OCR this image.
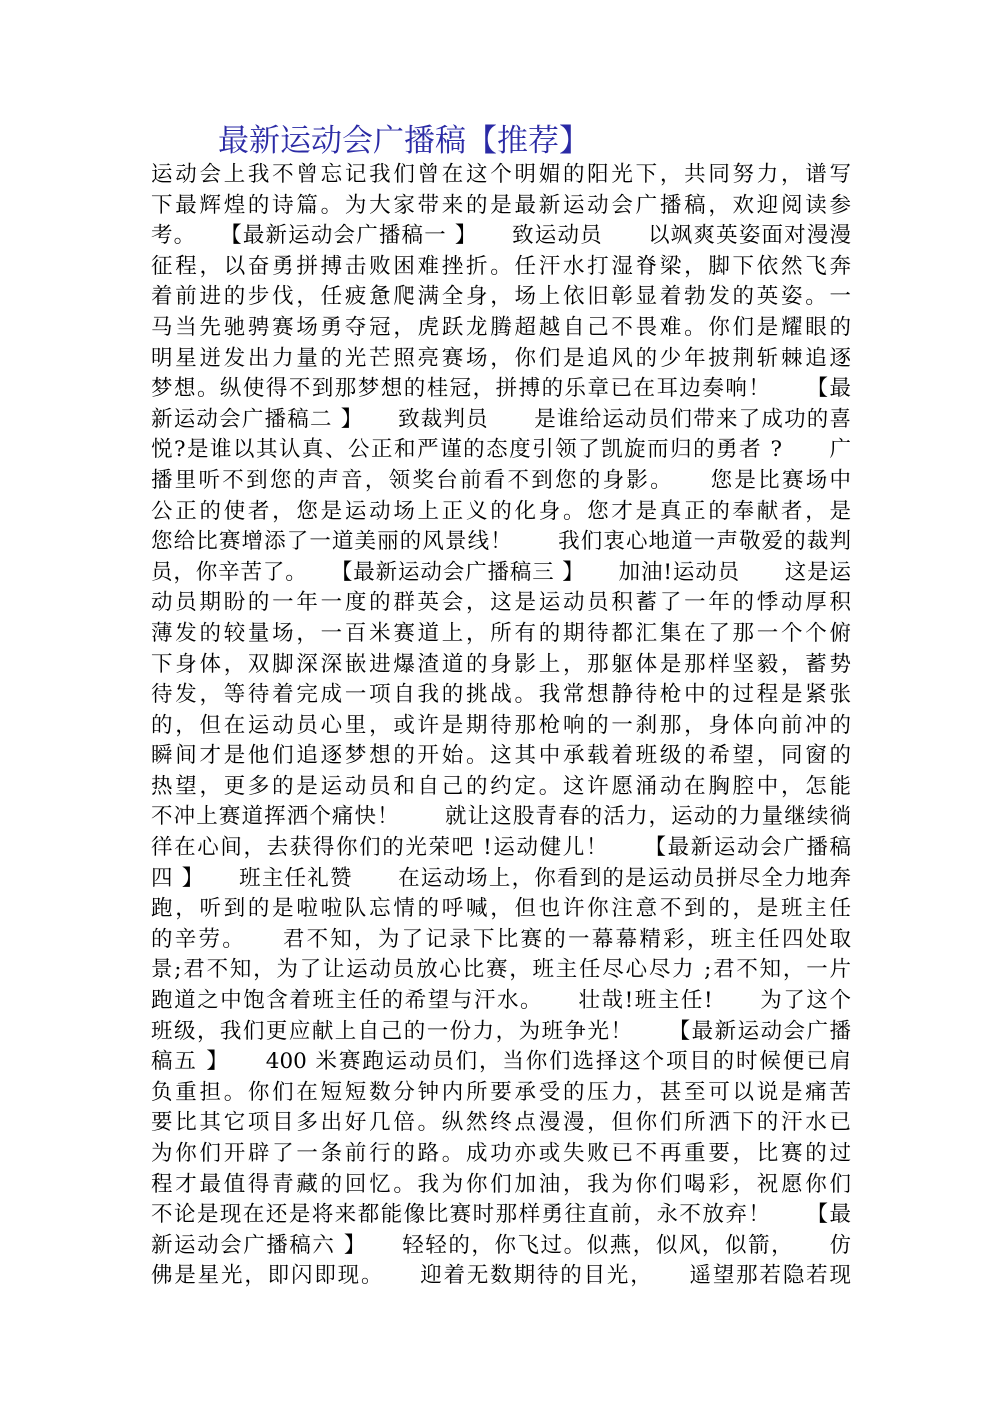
最新运动会广播稿【推荐】
运动会上我不曾忘记我们曾在这个明媚的阳光下，共同努力，谱写
下最辉煌的诗篇。为大家带来的是最新运动会广播稿，欢迎阅读参
考。　　【最新运动会广播稿一 】　　致运动员　　以飒爽英姿面对漫漫
征程，以奋勇拼搏击败困难挫折。任汗水打湿脊梁，脚下依然飞奔
着前进的步伐，任疲惫爬满全身，场上依旧彰显着勃发的英姿。一
马当先驰骋赛场勇夺冠，虎跃龙腾超越自己不畏难。你们是耀眼的
明星迸发出力量的光芒照亮赛场，你们是追风的少年披荆斩棘追逐
梦想。纵使得不到那梦想的桂冠，拼搏的乐章已在耳边奏响！　　【最
新运动会广播稿二 】　　致裁判员　　是谁给运动员们带来了成功的喜
悦?是谁以其认真、公正和严谨的态度引领了凯旋而归的勇者 ?　　广
播里听不到您的声音，领奖台前看不到您的身影。　　您是比赛场中
公正的使者，您是运动场上正义的化身。您才是真正的奉献者，是
您给比赛增添了一道美丽的风景线！　　我们衷心地道一声敬爱的裁判
员，你辛苦了。　　【最新运动会广播稿三 】　　加油!运动员　　这是运
动员期盼的一年一度的群英会，这是运动员积蓄了一年的悸动厚积
薄发的较量场，一百米赛道上，所有的期待都汇集在了那一个个俯
下身体，双脚深深嵌进爆渣道的身影上，那躯体是那样坚毅，蓄势
待发，等待着完成一项自我的挑战。我常想静待枪中的过程是紧张
的，但在运动员心里，或许是期待那枪响的一刹那，身体向前冲的
瞬间才是他们追逐梦想的开始。这其中承载着班级的希望，同窗的
热望，更多的是运动员和自己的约定。这许愿涌动在胸腔中，怎能
不冲上赛道挥洒个痛快！　　就让这股青春的活力，运动的力量继续徜
徉在心间，去获得你们的光荣吧 !运动健儿！　　【最新运动会广播稿
四 】　　班主任礼赞　　在运动场上，你看到的是运动员拼尽全力地奔
跑，听到的是啦啦队忘情的呼喊，但也许你注意不到的，是班主任
的辛劳。　　君不知，为了记录下比赛的一幕幕精彩，班主任四处取
景;君不知，为了让运动员放心比赛，班主任尽心尽力 ;君不知，一片
跑道之中饱含着班主任的希望与汗水。　　壮哉!班主任!　　为了这个
班级，我们更应献上自己的一份力，为班争光！　　【最新运动会广播
稿五 】　　400 米赛跑运动员们，当你们选择这个项目的时候便已肩
负重担。你们在短短数分钟内所要承受的压力，甚至可以说是痛苦
要比其它项目多出好几倍。纵然终点漫漫，但你们所洒下的汗水已
为你们开辟了一条前行的路。成功亦或失败已不再重要，比赛的过
程才最值得青藏的回忆。我为你们加油，我为你们喝彩，祝愿你们
不论是现在还是将来都能像比赛时那样勇往直前，永不放弃！　　【最
新运动会广播稿六 】　　轻轻的，你飞过。似燕，似风，似箭，　　仿
佛是星光，即闪即现。　　迎着无数期待的目光，　　遥望那若隐若现
